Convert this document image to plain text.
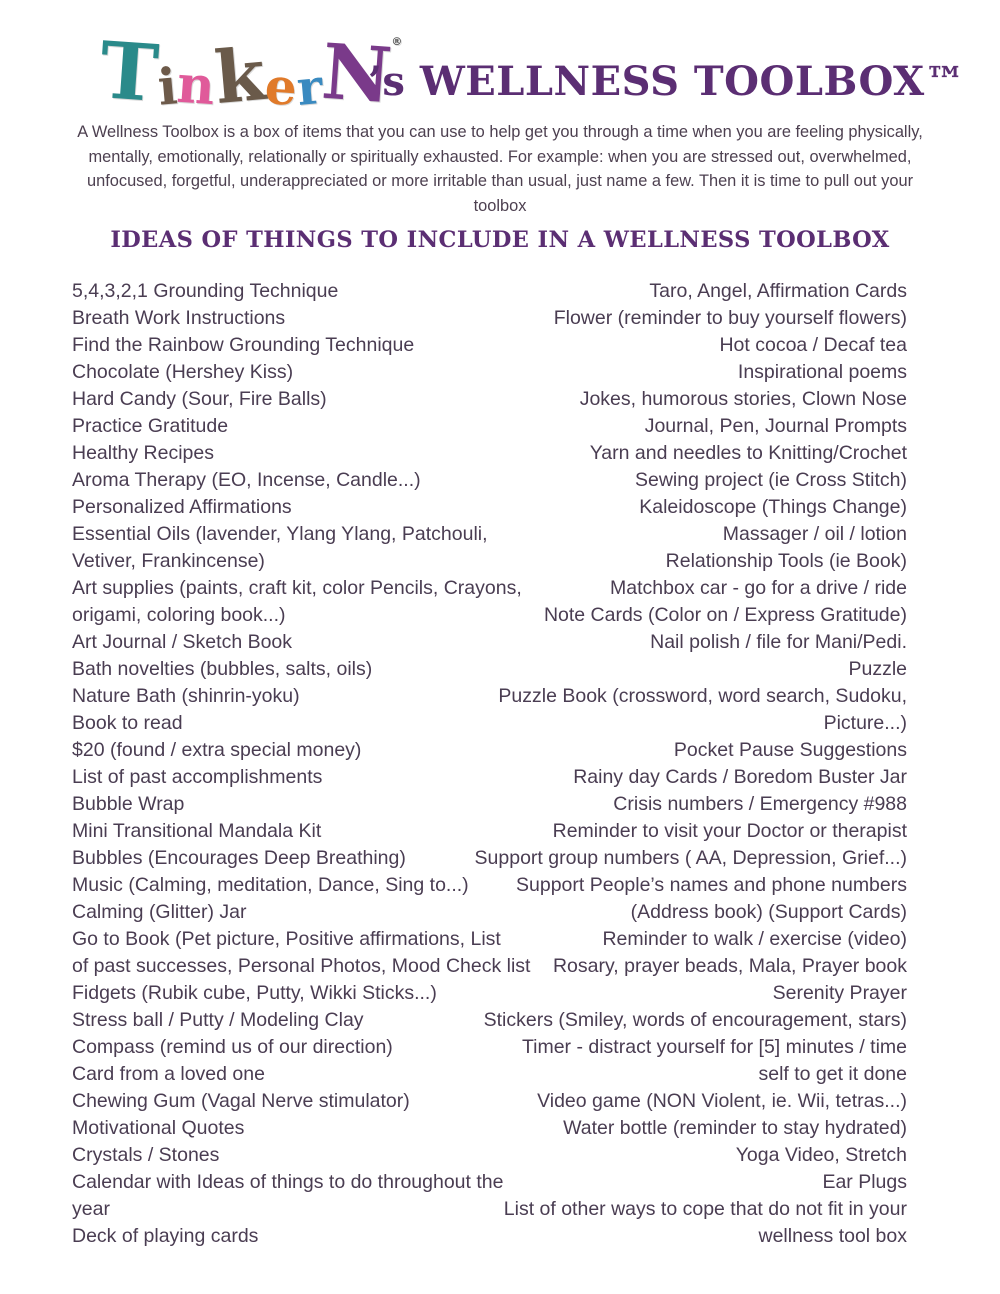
T
i
n
k
e
r
N
®
’s WELLNESS TOOLBOX™

A Wellness Toolbox is a box of items that you can use to help get you through a time when you are feeling physically, mentally, emotionally, relationally or spiritually exhausted. For example: when you are stressed out, overwhelmed, unfocused, forgetful, underappreciated or more irritable than usual, just name a few. Then it is time to pull out your toolbox

IDEAS OF THINGS TO INCLUDE IN A WELLNESS TOOLBOX
5,4,3,2,1 Grounding Technique
Breath Work Instructions
Find the Rainbow Grounding Technique
Chocolate (Hershey Kiss)
Hard Candy (Sour, Fire Balls)
Practice Gratitude
Healthy Recipes
Aroma Therapy (EO, Incense, Candle...)
Personalized Affirmations
Essential Oils (lavender, Ylang Ylang, Patchouli,
Vetiver, Frankincense)
Art supplies (paints, craft kit, color Pencils, Crayons,
origami, coloring book...)
Art Journal / Sketch Book
Bath novelties (bubbles, salts, oils)
Nature Bath (shinrin-yoku)
Book to read
$20 (found / extra special money)
List of past accomplishments
Bubble Wrap
Mini Transitional Mandala Kit
Bubbles (Encourages Deep Breathing)
Music (Calming, meditation, Dance, Sing to...)
Calming (Glitter) Jar
Go to Book (Pet picture, Positive affirmations, List
of past successes, Personal Photos, Mood Check list
Fidgets (Rubik cube, Putty, Wikki Sticks...)
Stress ball / Putty / Modeling Clay
Compass (remind us of our direction)
Card from a loved one
Chewing Gum (Vagal Nerve stimulator)
Motivational Quotes
Crystals / Stones
Calendar with Ideas of things to do throughout the
year
Deck of playing cards
Taro, Angel, Affirmation Cards
Flower (reminder to buy yourself flowers)
Hot cocoa / Decaf tea
Inspirational poems
Jokes, humorous stories, Clown Nose
Journal, Pen, Journal Prompts
Yarn and needles to Knitting/Crochet
Sewing project (ie Cross Stitch)
Kaleidoscope (Things Change)
Massager / oil / lotion
Relationship Tools (ie Book)
Matchbox car - go for a drive / ride
Note Cards (Color on / Express Gratitude)
Nail polish / file for Mani/Pedi.
Puzzle
Puzzle Book (crossword, word search, Sudoku,
Picture...)
Pocket Pause Suggestions
Rainy day Cards / Boredom Buster Jar
Crisis numbers / Emergency #988
Reminder to visit your Doctor or therapist
Support group numbers ( AA, Depression, Grief...)
Support People’s names and phone numbers
(Address book) (Support Cards)
Reminder to walk / exercise (video)
Rosary, prayer beads, Mala, Prayer book
Serenity Prayer
Stickers (Smiley, words of encouragement, stars)
Timer - distract yourself for [5] minutes / time
self to get it done
Video game (NON Violent, ie. Wii, tetras...)
Water bottle (reminder to stay hydrated)
Yoga Video, Stretch
Ear Plugs
List of other ways to cope that do not fit in your
wellness tool box
